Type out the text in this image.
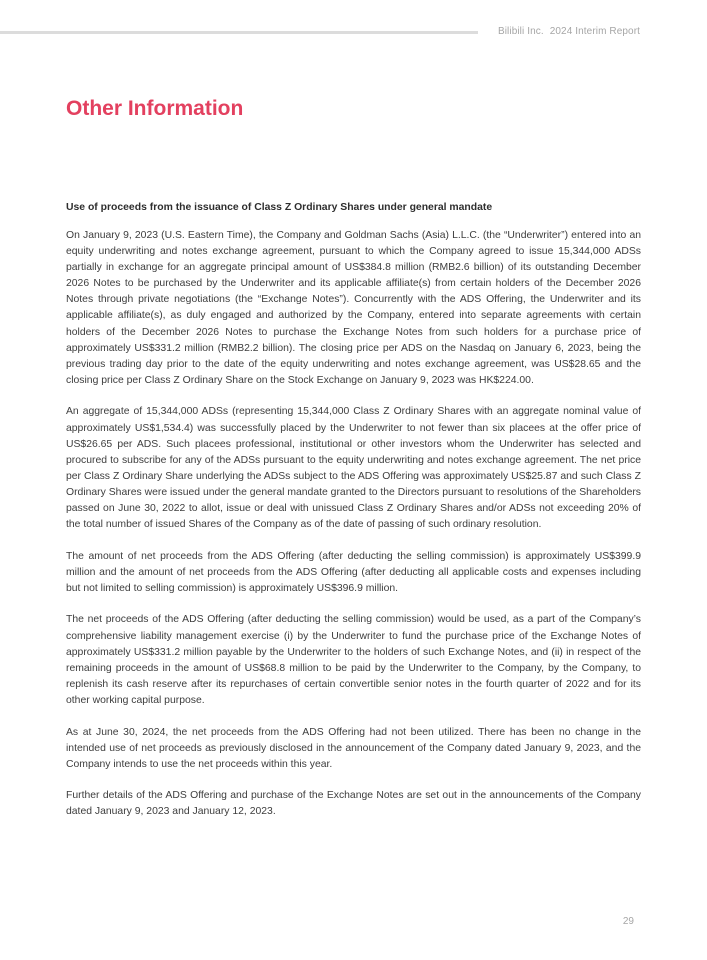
Bilibili Inc. 2024 Interim Report
Other Information
Use of proceeds from the issuance of Class Z Ordinary Shares under general mandate

On January 9, 2023 (U.S. Eastern Time), the Company and Goldman Sachs (Asia) L.L.C. (the “Underwriter”) entered into an equity underwriting and notes exchange agreement, pursuant to which the Company agreed to issue 15,344,000 ADSs partially in exchange for an aggregate principal amount of US$384.8 million (RMB2.6 billion) of its outstanding December 2026 Notes to be purchased by the Underwriter and its applicable affiliate(s) from certain holders of the December 2026 Notes through private negotiations (the “Exchange Notes”). Concurrently with the ADS Offering, the Underwriter and its applicable affiliate(s), as duly engaged and authorized by the Company, entered into separate agreements with certain holders of the December 2026 Notes to purchase the Exchange Notes from such holders for a purchase price of approximately US$331.2 million (RMB2.2 billion). The closing price per ADS on the Nasdaq on January 6, 2023, being the previous trading day prior to the date of the equity underwriting and notes exchange agreement, was US$28.65 and the closing price per Class Z Ordinary Share on the Stock Exchange on January 9, 2023 was HK$224.00.

An aggregate of 15,344,000 ADSs (representing 15,344,000 Class Z Ordinary Shares with an aggregate nominal value of approximately US$1,534.4) was successfully placed by the Underwriter to not fewer than six placees at the offer price of US$26.65 per ADS. Such placees professional, institutional or other investors whom the Underwriter has selected and procured to subscribe for any of the ADSs pursuant to the equity underwriting and notes exchange agreement. The net price per Class Z Ordinary Share underlying the ADSs subject to the ADS Offering was approximately US$25.87 and such Class Z Ordinary Shares were issued under the general mandate granted to the Directors pursuant to resolutions of the Shareholders passed on June 30, 2022 to allot, issue or deal with unissued Class Z Ordinary Shares and/or ADSs not exceeding 20% of the total number of issued Shares of the Company as of the date of passing of such ordinary resolution.

The amount of net proceeds from the ADS Offering (after deducting the selling commission) is approximately US$399.9 million and the amount of net proceeds from the ADS Offering (after deducting all applicable costs and expenses including but not limited to selling commission) is approximately US$396.9 million.

The net proceeds of the ADS Offering (after deducting the selling commission) would be used, as a part of the Company’s comprehensive liability management exercise (i) by the Underwriter to fund the purchase price of the Exchange Notes of approximately US$331.2 million payable by the Underwriter to the holders of such Exchange Notes, and (ii) in respect of the remaining proceeds in the amount of US$68.8 million to be paid by the Underwriter to the Company, by the Company, to replenish its cash reserve after its repurchases of certain convertible senior notes in the fourth quarter of 2022 and for its other working capital purpose.

As at June 30, 2024, the net proceeds from the ADS Offering had not been utilized. There has been no change in the intended use of net proceeds as previously disclosed in the announcement of the Company dated January 9, 2023, and the Company intends to use the net proceeds within this year.

Further details of the ADS Offering and purchase of the Exchange Notes are set out in the announcements of the Company dated January 9, 2023 and January 12, 2023.

29
